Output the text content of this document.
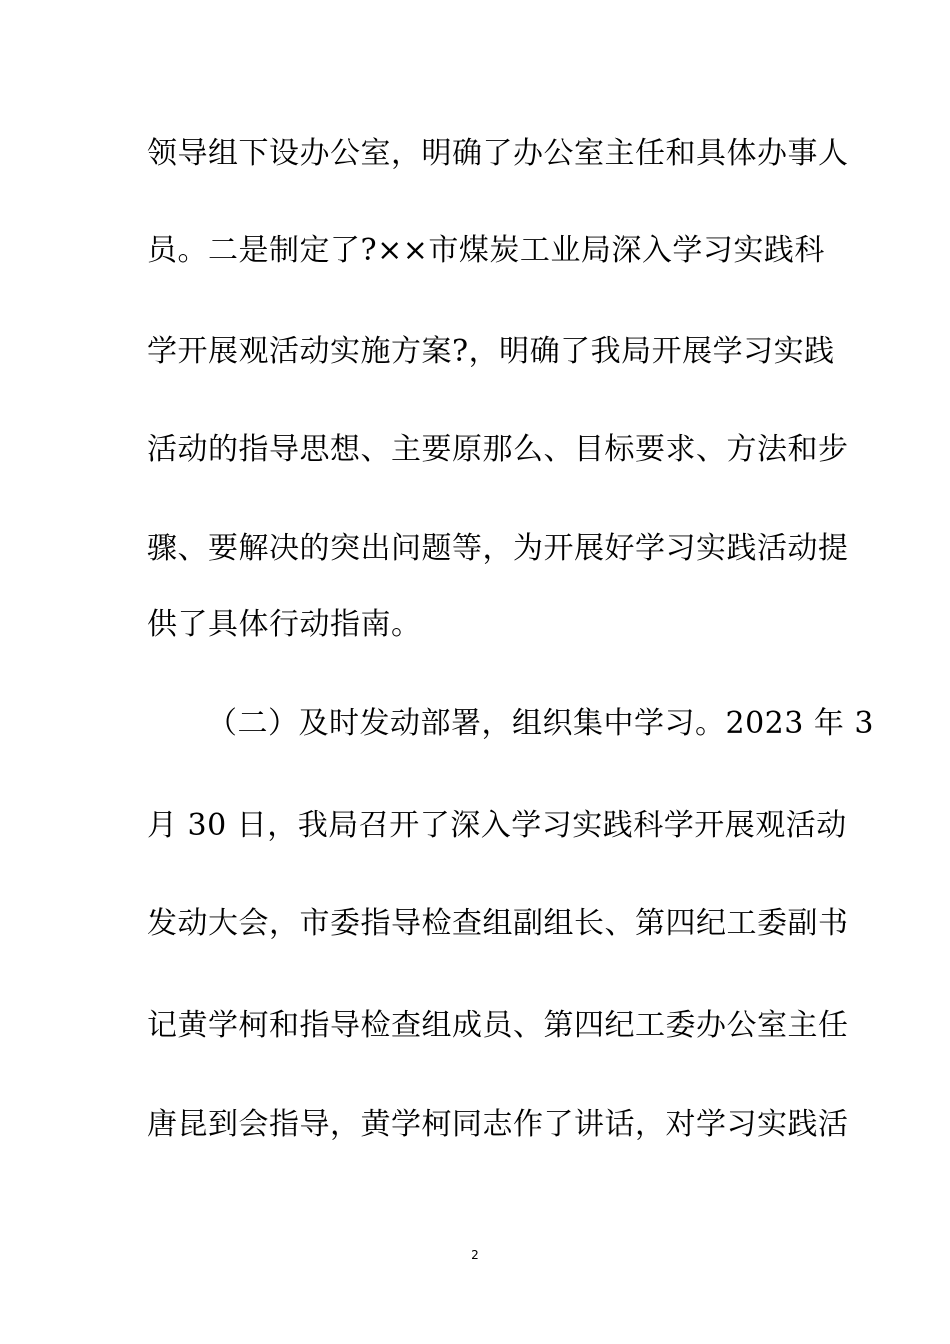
领导组下设办公室，明确了办公室主任和具体办事人
员。二是制定了?××市煤炭工业局深入学习实践科
学开展观活动实施方案?，明确了我局开展学习实践
活动的指导思想、主要原那么、目标要求、方法和步
骤、要解决的突出问题等，为开展好学习实践活动提
供了具体行动指南。
（二）及时发动部署，组织集中学习。2023 年 3
月 30 日，我局召开了深入学习实践科学开展观活动
发动大会，市委指导检查组副组长、第四纪工委副书
记黄学柯和指导检查组成员、第四纪工委办公室主任
唐昆到会指导，黄学柯同志作了讲话，对学习实践活
2
